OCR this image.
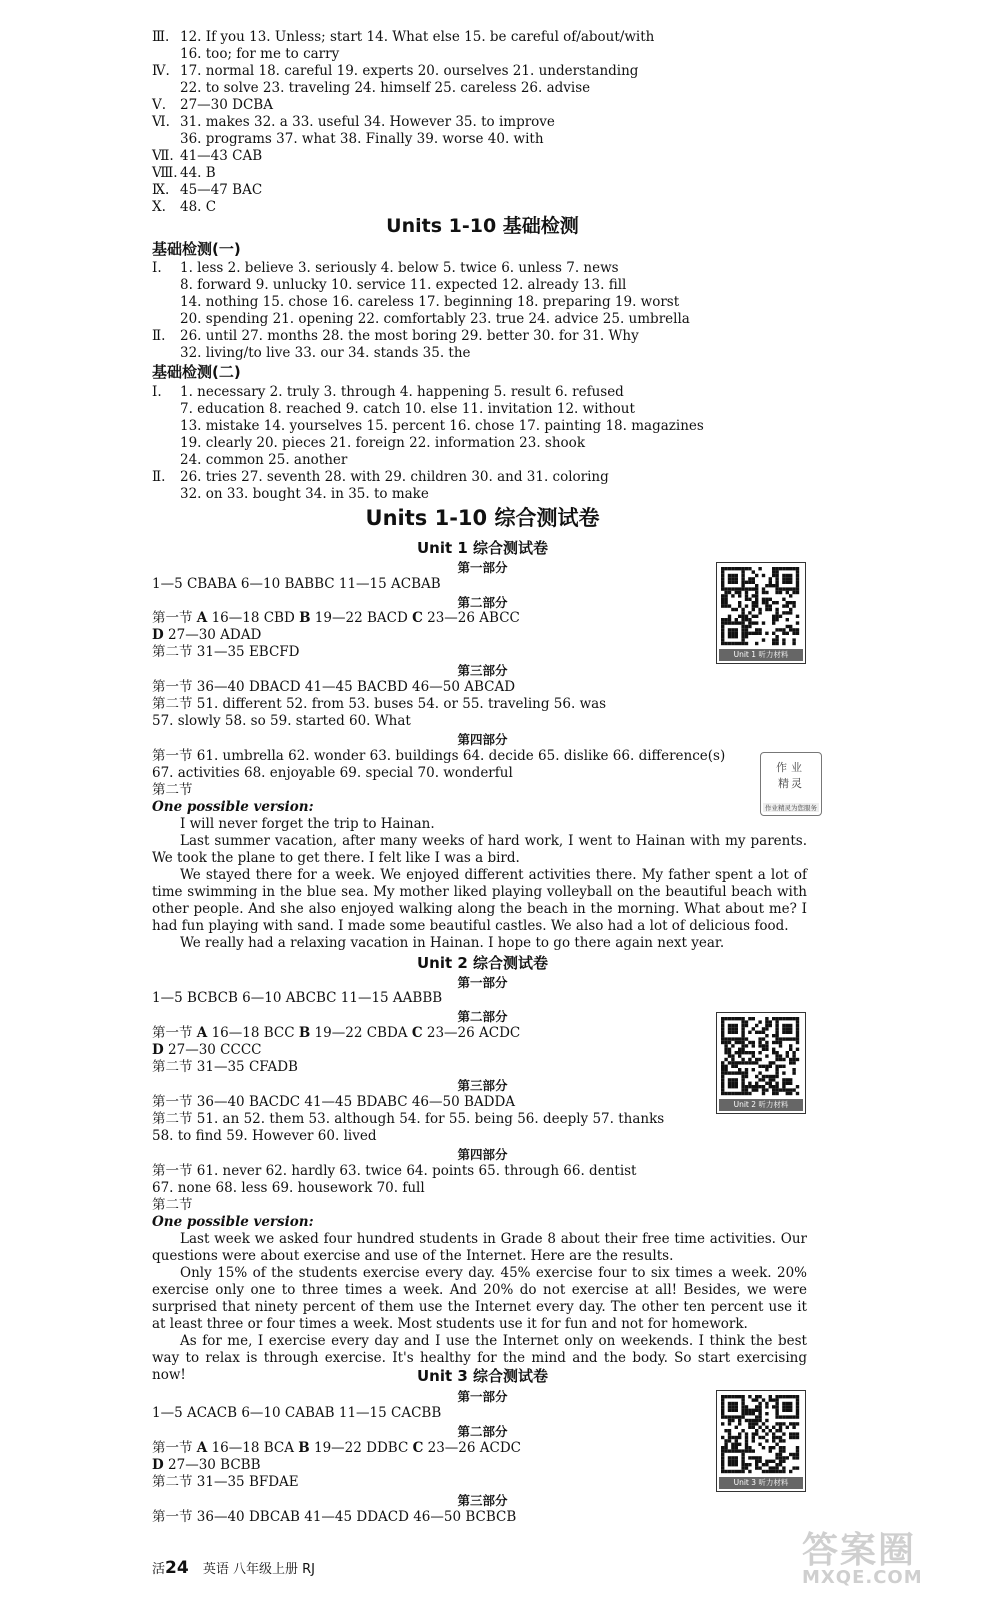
Ⅲ. 12. If you 13. Unless; start 14. What else 15. be careful of/about/with
16. too; for me to carry
Ⅳ. 17. normal 18. careful 19. experts 20. ourselves 21. understanding
22. to solve 23. traveling 24. himself 25. careless 26. advise
Ⅴ. 27—30 DCBA
Ⅵ. 31. makes 32. a 33. useful 34. However 35. to improve
36. programs 37. what 38. Finally 39. worse 40. with
Ⅶ. 41—43 CAB
Ⅷ. 44. B
Ⅸ. 45—47 BAC
Ⅹ. 48. C
Units 1-10 基础检测
基础检测(一)
Ⅰ. 1. less 2. believe 3. seriously 4. below 5. twice 6. unless 7. news
8. forward 9. unlucky 10. service 11. expected 12. already 13. fill
14. nothing 15. chose 16. careless 17. beginning 18. preparing 19. worst
20. spending 21. opening 22. comfortably 23. true 24. advice 25. umbrella
Ⅱ. 26. until 27. months 28. the most boring 29. better 30. for 31. Why
32. living/to live 33. our 34. stands 35. the
基础检测(二)
Ⅰ. 1. necessary 2. truly 3. through 4. happening 5. result 6. refused
7. education 8. reached 9. catch 10. else 11. invitation 12. without
13. mistake 14. yourselves 15. percent 16. chose 17. painting 18. magazines
19. clearly 20. pieces 21. foreign 22. information 23. shook
24. common 25. another
Ⅱ. 26. tries 27. seventh 28. with 29. children 30. and 31. coloring
32. on 33. bought 34. in 35. to make
Units 1-10 综合测试卷
Unit 1 综合测试卷
第一部分
1—5 CBABA 6—10 BABBC 11—15 ACBAB
第二部分
第一节 A 16—18 CBD B 19—22 BACD C 23—26 ABCC
D 27—30 ADAD
第二节 31—35 EBCFD
第三部分
第一节 36—40 DBACD 41—45 BACBD 46—50 ABCAD
第二节 51. different 52. from 53. buses 54. or 55. traveling 56. was
57. slowly 58. so 59. started 60. What
第四部分
第一节 61. umbrella 62. wonder 63. buildings 64. decide 65. dislike 66. difference(s)
67. activities 68. enjoyable 69. special 70. wonderful
第二节
One possible version:
I will never forget the trip to Hainan.
Last summer vacation, after many weeks of hard work, I went to Hainan with my parents. We took the plane to get there. I felt like I was a bird.
We stayed there for a week. We enjoyed different activities there. My father spent a lot of time swimming in the blue sea. My mother liked playing volleyball on the beautiful beach with other people. And she also enjoyed walking along the beach in the morning. What about me? I had fun playing with sand. I made some beautiful castles. We also had a lot of delicious food.
We really had a relaxing vacation in Hainan. I hope to go there again next year.
Unit 2 综合测试卷
第一部分
1—5 BCBCB 6—10 ABCBC 11—15 AABBB
第二部分
第一节 A 16—18 BCC B 19—22 CBDA C 23—26 ACDC
D 27—30 CCCC
第二节 31—35 CFADB
第三部分
第一节 36—40 BACDC 41—45 BDABC 46—50 BADDA
第二节 51. an 52. them 53. although 54. for 55. being 56. deeply 57. thanks
58. to find 59. However 60. lived
第四部分
第一节 61. never 62. hardly 63. twice 64. points 65. through 66. dentist
67. none 68. less 69. housework 70. full
第二节
One possible version:
Last week we asked four hundred students in Grade 8 about their free time activities. Our questions were about exercise and use of the Internet. Here are the results.
Only 15% of the students exercise every day. 45% exercise four to six times a week. 20% exercise only one to three times a week. And 20% do not exercise at all! Besides, we were surprised that ninety percent of them use the Internet every day. The other ten percent use it at least three or four times a week. Most students use it for fun and not for homework.
As for me, I exercise every day and I use the Internet only on weekends. I think the best way to relax is through exercise. It's healthy for the mind and the body. So start exercising now!	Unit 3 综合测试卷
第一部分
1—5 ACACB 6—10 CABAB 11—15 CACBB
第二部分
第一节 A 16—18 BCA B 19—22 DDBC C 23—26 ACDC
D 27—30 BCBB
第二节 31—35 BFDAE
第三部分
第一节 36—40 DBCAB 41—45 DDACD 46—50 BCBCB
活24 英语 八年级上册 RJ
Unit 1 听力材料
Unit 2 听力材料
Unit 3 听力材料
作业
精灵
作业精灵为您服务
答案圈
MXQE.COM
